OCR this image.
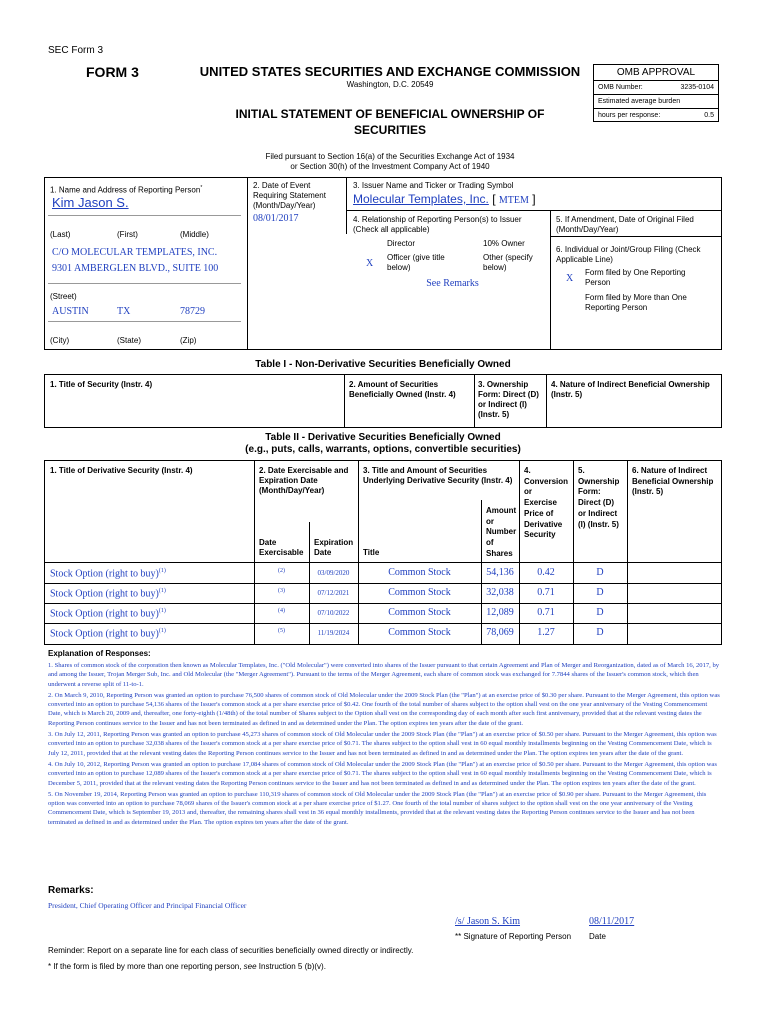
SEC Form 3
FORM 3	UNITED STATES SECURITIES AND EXCHANGE COMMISSION
Washington, D.C. 20549
INITIAL STATEMENT OF BENEFICIAL OWNERSHIP OF
SECURITIES
OMB APPROVAL
OMB Number:	3235-0104
Estimated average burden
hours per response:	0.5
Filed pursuant to Section 16(a) of the Securities Exchange Act of 1934
or Section 30(h) of the Investment Company Act of 1940
1. Name and Address of Reporting Person*
Kim Jason S.
(Last)	(First)	(Middle)
C/O MOLECULAR TEMPLATES, INC.
9301 AMBERGLEN BLVD., SUITE 100
(Street)
AUSTIN	TX	78729
(City)	(State)	(Zip)
2. Date of Event
Requiring Statement
(Month/Day/Year)
08/01/2017
3. Issuer Name and Ticker or Trading Symbol
Molecular Templates, Inc. [ MTEM ]
4. Relationship of Reporting Person(s) to Issuer
(Check all applicable)
Director	10% Owner
X
Officer (give title
below)
Other (specify
below)
See Remarks
5. If Amendment, Date of Original Filed
(Month/Day/Year)
6. Individual or Joint/Group Filing (Check
Applicable Line)
X
Form filed by One Reporting
Person
Form filed by More than One
Reporting Person
Table I - Non-Derivative Securities Beneficially Owned
1. Title of Security (Instr. 4)	2. Amount of Securities
Beneficially Owned (Instr. 4)
3. Ownership
Form: Direct (D)
or Indirect (I)
(Instr. 5)
4. Nature of Indirect Beneficial Ownership
(Instr. 5)
Table II - Derivative Securities Beneficially Owned
(e.g., puts, calls, warrants, options, convertible securities)
1. Title of Derivative Security (Instr. 4)	2. Date Exercisable and
Expiration Date
(Month/Day/Year)
3. Title and Amount of Securities
Underlying Derivative Security (Instr. 4)
4.
Conversion
or
Exercise
Price of
Derivative
Security
5.
Ownership
Form:
Direct (D)
or Indirect
(I) (Instr. 5)
6. Nature of Indirect
Beneficial Ownership
(Instr. 5)
Date
Exercisable
Expiration
Date	Title
Amount
or
Number
of
Shares
Stock Option (right to buy)$^{(1)}$	(2)	03/09/2020	Common Stock	54,136	0.42	D
Stock Option (right to buy)$^{(1)}$	(3)	07/12/2021	Common Stock	32,038	0.71	D
Stock Option (right to buy)$^{(1)}$	(4)	07/10/2022	Common Stock	12,089	0.71	D
Stock Option (right to buy)$^{(1)}$	(5)	11/19/2024	Common Stock	78,069	1.27	D
Explanation of Responses:

1. Shares of common stock of the corporation then known as Molecular Templates, Inc. ("Old Molecular") were converted into shares of the Issuer pursuant to that certain Agreement and Plan of Merger and Reorganization, dated as of March 16, 2017, by and among the Issuer, Trojan Merger Sub, Inc. and Old Molecular (the "Merger Agreement"). Pursuant to the terms of the Merger Agreement, each share of common stock was exchanged for 7.7844 shares of the Issuer's common stock, which then underwent a reverse split of 11-to-1.

2. On March 9, 2010, Reporting Person was granted an option to purchase 76,500 shares of common stock of Old Molecular under the 2009 Stock Plan (the "Plan") at an exercise price of $0.30 per share. Pursuant to the Merger Agreement, this option was converted into an option to purchase 54,136 shares of the Issuer's common stock at a per share exercise price of $0.42. One fourth of the total number of shares subject to the option shall vest on the one year anniversary of the Vesting Commencement Date, which is March 20, 2009 and, thereafter, one forty-eighth (1/48th) of the total number of Shares subject to the Option shall vest on the corresponding day of each month after such first anniversary, provided that at the relevant vesting dates the Reporting Person continues service to the Issuer and has not been terminated as defined in and as determined under the Plan. The option expires ten years after the date of the grant.

3. On July 12, 2011, Reporting Person was granted an option to purchase 45,273 shares of common stock of Old Molecular under the 2009 Stock Plan (the "Plan") at an exercise price of $0.50 per share. Pursuant to the Merger Agreement, this option was converted into an option to purchase 32,038 shares of the Issuer's common stock at a per share exercise price of $0.71. The shares subject to the option shall vest in 60 equal monthly installments beginning on the Vesting Commencement Date, which is July 12, 2011, provided that at the relevant vesting dates the Reporting Person continues service to the Issuer and has not been terminated as defined in and as determined under the Plan. The option expires ten years after the date of the grant.

4. On July 10, 2012, Reporting Person was granted an option to purchase 17,084 shares of common stock of Old Molecular under the 2009 Stock Plan (the "Plan") at an exercise price of $0.50 per share. Pursuant to the Merger Agreement, this option was converted into an option to purchase 12,089 shares of the Issuer's common stock at a per share exercise price of $0.71. The shares subject to the option shall vest in 60 equal monthly installments beginning on the Vesting Commencement Date, which is December 5, 2011, provided that at the relevant vesting dates the Reporting Person continues service to the Issuer and has not been terminated as defined in and as determined under the Plan. The option expires ten years after the date of the grant.

5. On November 19, 2014, Reporting Person was granted an option to purchase 110,319 shares of common stock of Old Molecular under the 2009 Stock Plan (the "Plan") at an exercise price of $0.90 per share. Pursuant to the Merger Agreement, this option was converted into an option to purchase 78,069 shares of the Issuer's common stock at a per share exercise price of $1.27. One fourth of the total number of shares subject to the option shall vest on the one year anniversary of the Vesting Commencement Date, which is September 19, 2013 and, thereafter, the remaining shares shall vest in 36 equal monthly installments, provided that at the relevant vesting dates the Reporting Person continues service to the Issuer and has not been terminated as defined in and as determined under the Plan. The option expires ten years after the date of the grant.

Remarks:
President, Chief Operating Officer and Principal Financial Officer
/s/ Jason S. Kim	08/11/2017
** Signature of Reporting Person Date
Reminder: Report on a separate line for each class of securities beneficially owned directly or indirectly.
* If the form is filed by more than one reporting person, see Instruction 5 (b)(v).
